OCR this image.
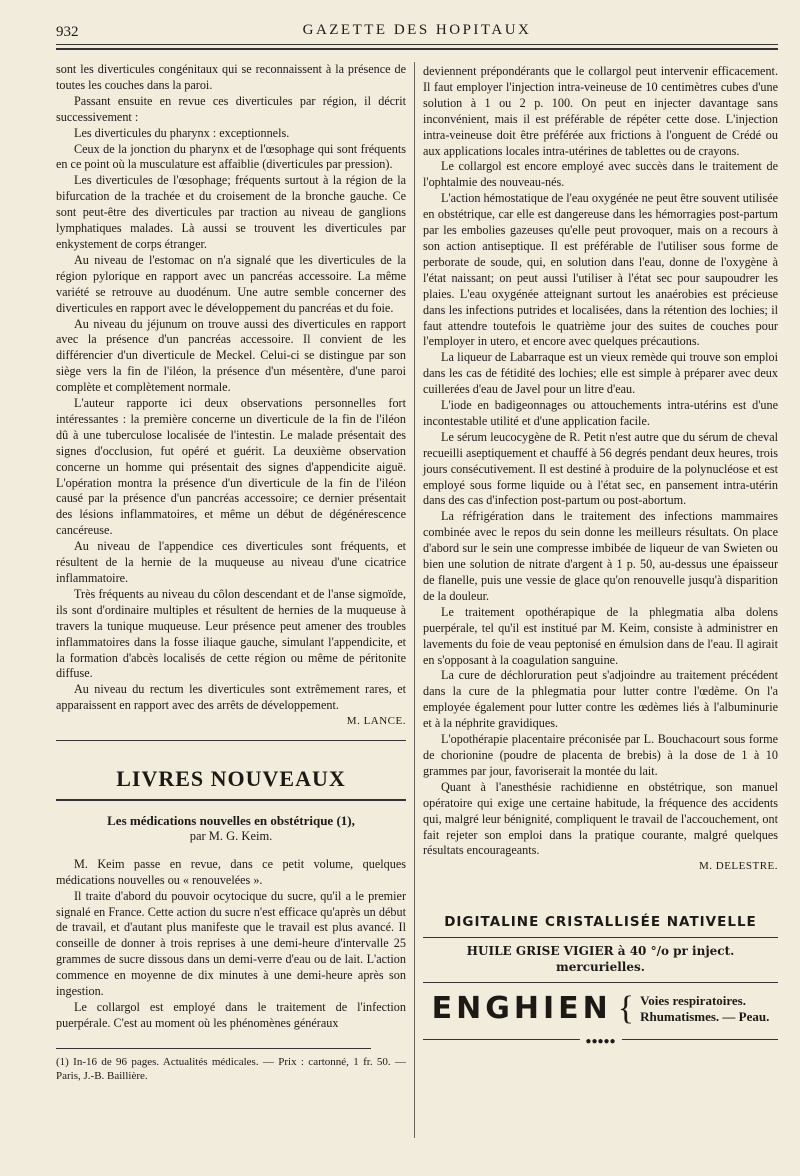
932	GAZETTE DES HOPITAUX

sont les diverticules congénitaux qui se reconnaissent à la présence de toutes les couches dans la paroi.

Passant ensuite en revue ces diverticules par région, il décrit successivement :

Les diverticules du pharynx : exceptionnels.

Ceux de la jonction du pharynx et de l'œsophage qui sont fréquents en ce point où la musculature est affaiblie (diverticules par pression).

Les diverticules de l'œsophage; fréquents surtout à la région de la bifurcation de la trachée et du croisement de la bronche gauche. Ce sont peut-être des diverticules par traction au niveau de ganglions lymphatiques malades. Là aussi se trouvent les diverticules par enkystement de corps étranger.

Au niveau de l'estomac on n'a signalé que les diverticules de la région pylorique en rapport avec un pancréas accessoire. La même variété se retrouve au duodénum. Une autre semble concerner des diverticules en rapport avec le développement du pancréas et du foie.

Au niveau du jéjunum on trouve aussi des diverticules en rapport avec la présence d'un pancréas accessoire. Il convient de les différencier d'un diverticule de Meckel. Celui-ci se distingue par son siège vers la fin de l'iléon, la présence d'un mésentère, d'une paroi complète et complètement normale.

L'auteur rapporte ici deux observations personnelles fort intéressantes : la première concerne un diverticule de la fin de l'iléon dû à une tuberculose localisée de l'intestin. Le malade présentait des signes d'occlusion, fut opéré et guérit. La deuxième observation concerne un homme qui présentait des signes d'appendicite aiguë. L'opération montra la présence d'un diverticule de la fin de l'iléon causé par la présence d'un pancréas accessoire; ce dernier présentait des lésions inflammatoires, et même un début de dégénérescence cancéreuse.

Au niveau de l'appendice ces diverticules sont fréquents, et résultent de la hernie de la muqueuse au niveau d'une cicatrice inflammatoire.

Très fréquents au niveau du côlon descendant et de l'anse sigmoïde, ils sont d'ordinaire multiples et résultent de hernies de la muqueuse à travers la tunique muqueuse. Leur présence peut amener des troubles inflammatoires dans la fosse iliaque gauche, simulant l'appendicite, et la formation d'abcès localisés de cette région ou même de péritonite diffuse.

Au niveau du rectum les diverticules sont extrêmement rares, et apparaissent en rapport avec des arrêts de développement.

M. LANCE.
LIVRES NOUVEAUX
Les médications nouvelles en obstétrique (1),
par M. G. Keim.

M. Keim passe en revue, dans ce petit volume, quelques médications nouvelles ou « renouvelées ».

Il traite d'abord du pouvoir ocytocique du sucre, qu'il a le premier signalé en France. Cette action du sucre n'est efficace qu'après un début de travail, et d'autant plus manifeste que le travail est plus avancé. Il conseille de donner à trois reprises à une demi-heure d'intervalle 25 grammes de sucre dissous dans un demi-verre d'eau ou de lait. L'action commence en moyenne de dix minutes à une demi-heure après son ingestion.

Le collargol est employé dans le traitement de l'infection puerpérale. C'est au moment où les phénomènes généraux

(1) In-16 de 96 pages. Actualités médicales. — Prix : cartonné, 1 fr. 50. — Paris, J.-B. Baillière.

deviennent prépondérants que le collargol peut intervenir efficacement. Il faut employer l'injection intra-veineuse de 10 centimètres cubes d'une solution à 1 ou 2 p. 100. On peut en injecter davantage sans inconvénient, mais il est préférable de répéter cette dose. L'injection intra-veineuse doit être préférée aux frictions à l'onguent de Crédé ou aux applications locales intra-utérines de tablettes ou de crayons.

Le collargol est encore employé avec succès dans le traitement de l'ophtalmie des nouveau-nés.

L'action hémostatique de l'eau oxygénée ne peut être souvent utilisée en obstétrique, car elle est dangereuse dans les hémorragies post-partum par les embolies gazeuses qu'elle peut provoquer, mais on a recours à son action antiseptique. Il est préférable de l'utiliser sous forme de perborate de soude, qui, en solution dans l'eau, donne de l'oxygène à l'état naissant; on peut aussi l'utiliser à l'état sec pour saupoudrer les plaies. L'eau oxygénée atteignant surtout les anaérobies est précieuse dans les infections putrides et localisées, dans la rétention des lochies; il faut attendre toutefois le quatrième jour des suites de couches pour l'employer in utero, et encore avec quelques précautions.

La liqueur de Labarraque est un vieux remède qui trouve son emploi dans les cas de fétidité des lochies; elle est simple à préparer avec deux cuillerées d'eau de Javel pour un litre d'eau.

L'iode en badigeonnages ou attouchements intra-utérins est d'une incontestable utilité et d'une application facile.

Le sérum leucocygène de R. Petit n'est autre que du sérum de cheval recueilli aseptiquement et chauffé à 56 degrés pendant deux heures, trois jours consécutivement. Il est destiné à produire de la polynucléose et est employé sous forme liquide ou à l'état sec, en pansement intra-utérin dans des cas d'infection post-partum ou post-abortum.

La réfrigération dans le traitement des infections mammaires combinée avec le repos du sein donne les meilleurs résultats. On place d'abord sur le sein une compresse imbibée de liqueur de van Swieten ou bien une solution de nitrate d'argent à 1 p. 50, au-dessus une épaisseur de flanelle, puis une vessie de glace qu'on renouvelle jusqu'à disparition de la douleur.

Le traitement opothérapique de la phlegmatia alba dolens puerpérale, tel qu'il est institué par M. Keim, consiste à administrer en lavements du foie de veau peptonisé en émulsion dans de l'eau. Il agirait en s'opposant à la coagulation sanguine.

La cure de déchloruration peut s'adjoindre au traitement précédent dans la cure de la phlegmatia pour lutter contre l'œdème. On l'a employée également pour lutter contre les œdèmes liés à l'albuminurie et à la néphrite gravidiques.

L'opothérapie placentaire préconisée par L. Bouchacourt sous forme de chorionine (poudre de placenta de brebis) à la dose de 1 à 10 grammes par jour, favoriserait la montée du lait.

Quant à l'anesthésie rachidienne en obstétrique, son manuel opératoire qui exige une certaine habitude, la fréquence des accidents qui, malgré leur bénignité, compliquent le travail de l'accouchement, ont fait rejeter son emploi dans la pratique courante, malgré quelques résultats encourageants.

M. DELESTRE.
DIGITALINE CRISTALLISÉE NATIVELLE
HUILE GRISE VIGIER à 40 °/o pr inject. mercurielles.
ENGHIEN { Voies respiratoires.
Rhumatismes. — Peau.
●●●●●
